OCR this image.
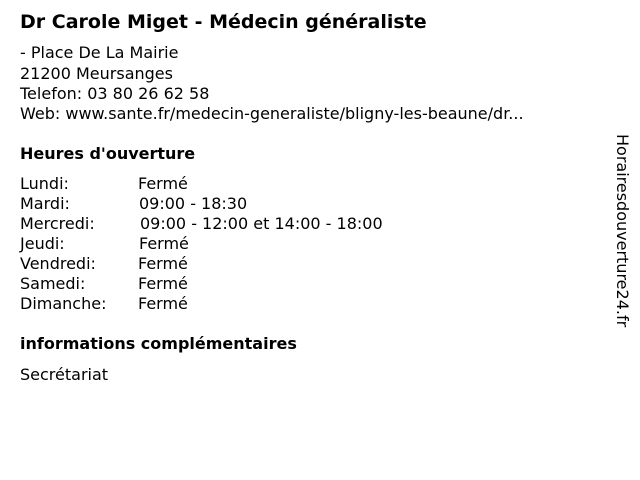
Dr Carole Miget - Médecin généraliste
- Place De La Mairie
21200 Meursanges
Telefon: 03 80 26 62 58
Web: www.sante.fr/medecin-generaliste/bligny-les-beaune/dr...
Heures d'ouverture
Lundi:	Fermé
Mardi:	09:00 - 18:30
Mercredi:	09:00 - 12:00 et 14:00 - 18:00
Jeudi:	Fermé
Vendredi:	Fermé
Samedi:	Fermé
Dimanche: Fermé
informations complémentaires
Secrétariat
Horairesdouverture24.fr
